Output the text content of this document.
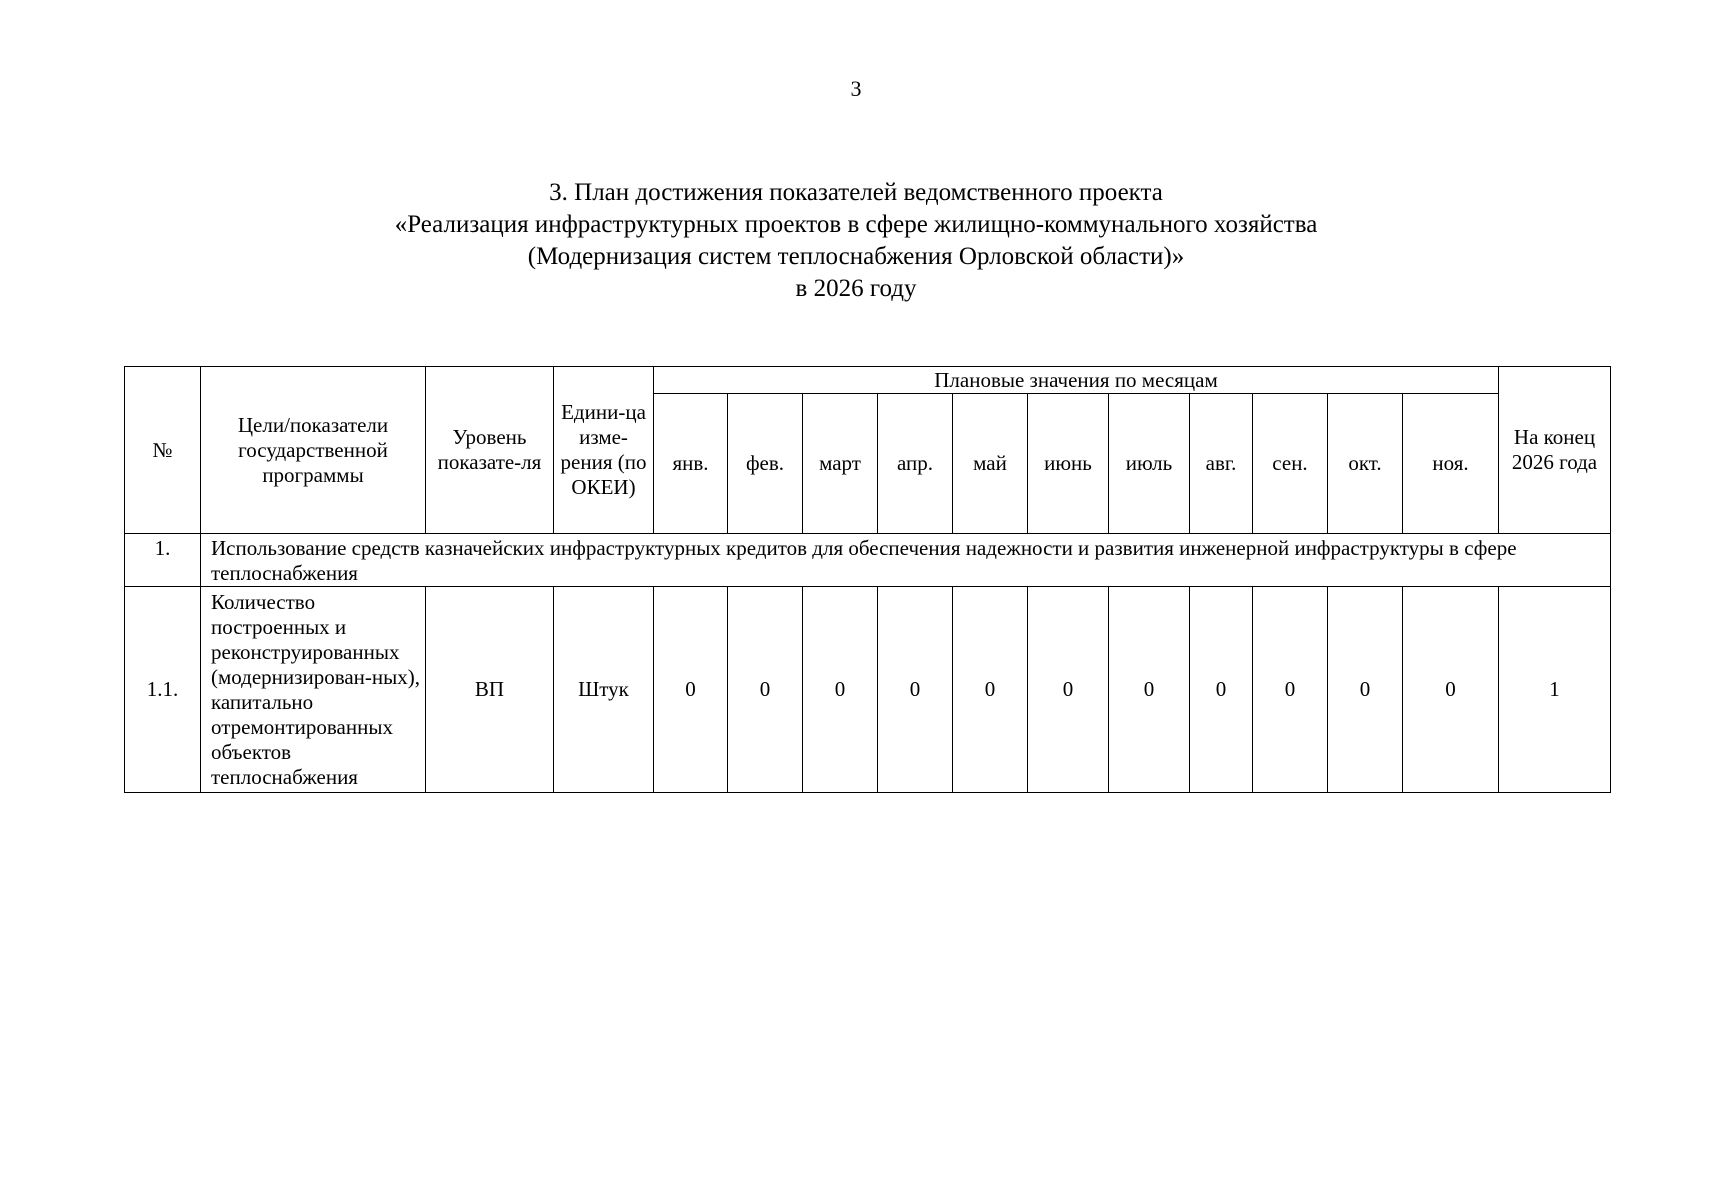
3
3. План достижения показателей ведомственного проекта
«Реализация инфраструктурных проектов в сфере жилищно-коммунального хозяйства
(Модернизация систем теплоснабжения Орловской области)»
в 2026 году
№	Цели/показатели государственной программы	Уровень показате-ля	Едини-ца изме-рения (по ОКЕИ)	Плановые значения по месяцам											На конец 2026 года
				янв.	фев.	март	апр.	май	июнь	июль	авг.	сен.	окт.	ноя.	
1.	Использование средств казначейских инфраструктурных кредитов для обеспечения надежности и развития инженерной инфраструктуры в сфере теплоснабжения														
1.1.	Количество построенных и реконструированных (модернизирован-ных), капитально отремонтированных объектов теплоснабжения	ВП	Штук	0	0	0	0	0	0	0	0	0	0	0	1
